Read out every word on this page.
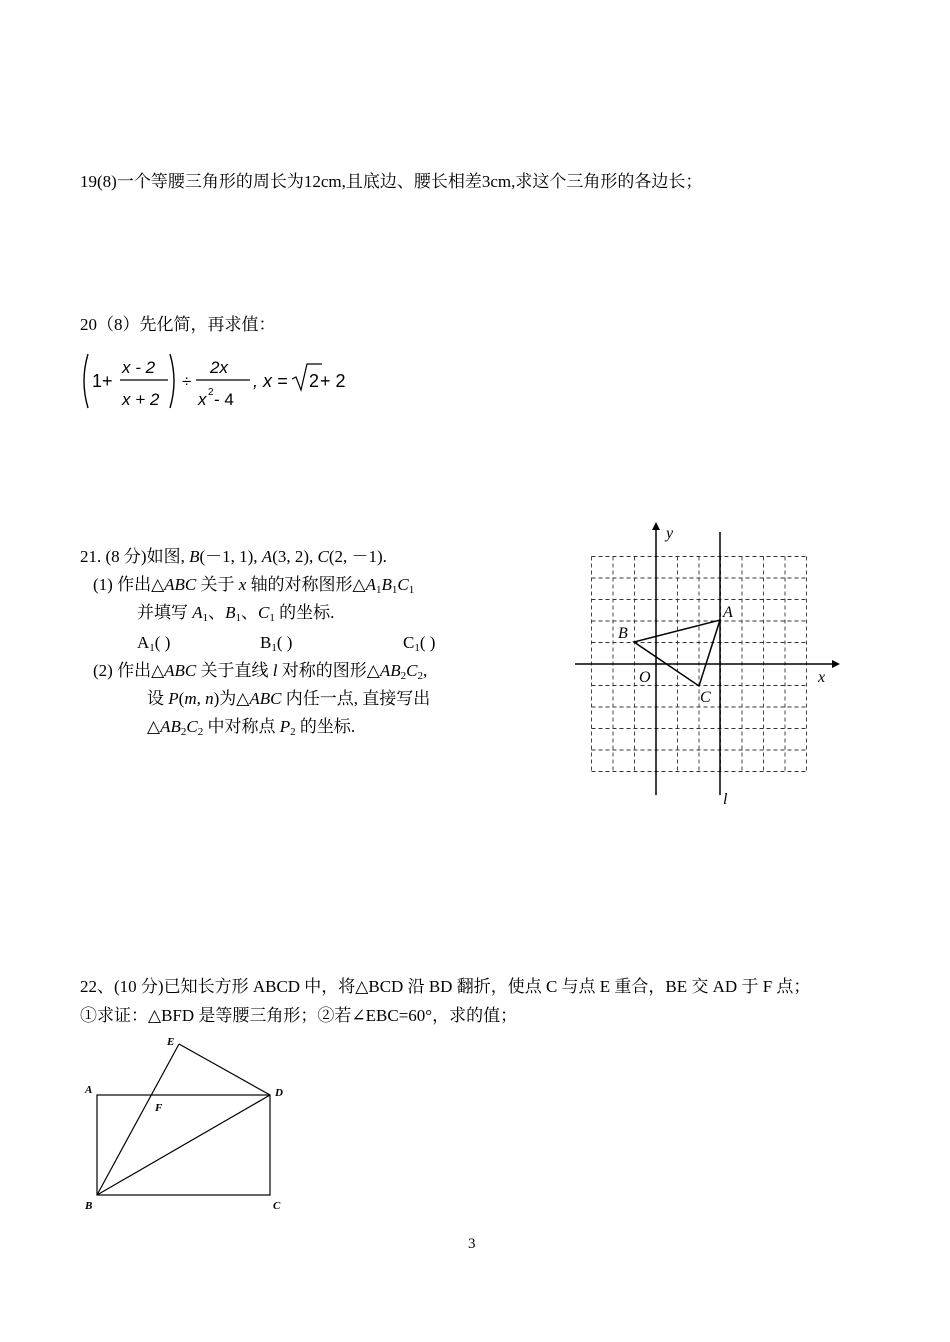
19(8)一个等腰三角形的周长为12cm,且底边、腰长相差3cm,求这个三角形的各边长；
20（8）先化简，再求值：
1+
x - 2
x + 2
÷
2x
x 2 - 4
, x = 2 + 2
21. (8 分)如图, B(－1, 1), A(3, 2), C(2, －1).
(1) 作出△ABC 关于 x 轴的对称图形$\triangle A_1B_1C_1$
并填写 $A_1$、$B_1$、$C_1$ 的坐标.
$A_1$( )	$B_1$( )	$C_1$( )
(2) 作出△ABC 关于直线 l 对称的图形$\triangle AB_2C_2$,
设 P(m, n)为△ABC 内任一点, 直接写出
$\triangle AB_2C_2$ 中对称点 $P_2$ 的坐标.
y
x
O
A
B
C
l
22、(10 分)已知长方形 ABCD 中，将△BCD 沿 BD 翻折，使点 C 与点 E 重合，BE 交 AD 于 F 点；
①求证：△BFD 是等腰三角形；②若∠EBC=60°，求的值；
A
B	C
D
E
F
3
